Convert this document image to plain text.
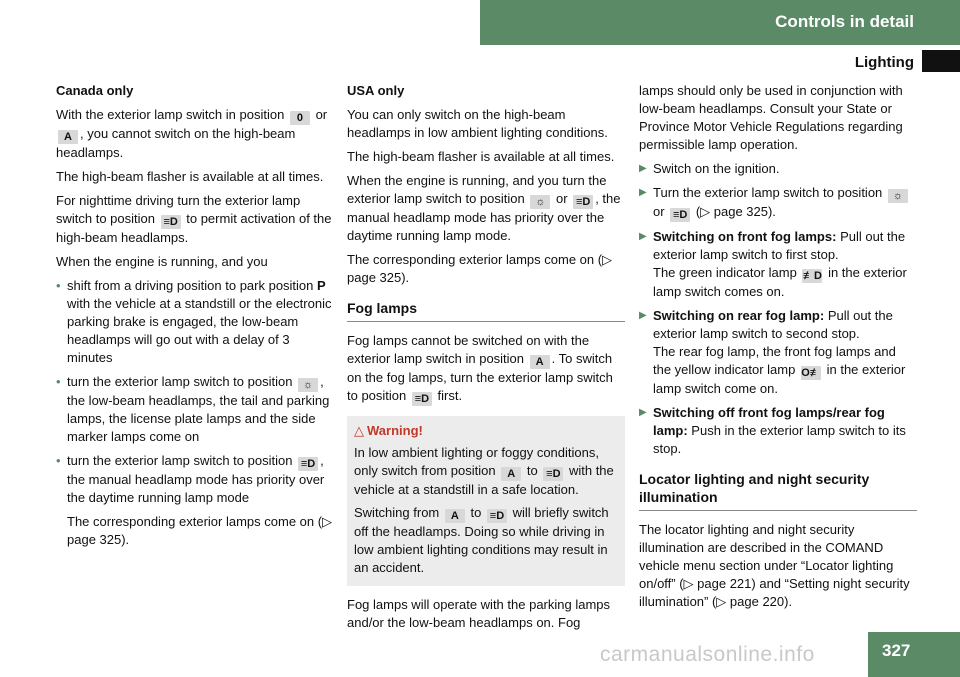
Controls in detail
Lighting

Canada only

With the exterior lamp switch in position 0 or A , you cannot switch on the high-beam headlamps.

The high-beam flasher is available at all times.

For nighttime driving turn the exterior lamp switch to position ≡D to permit activation of the high-beam headlamps.

When the engine is running, and you

• shift from a driving position to park position P with the vehicle at a standstill or the electronic parking brake is engaged, the low-beam headlamps will go out with a delay of 3 minutes
• turn the exterior lamp switch to position ☼ , the low-beam headlamps, the tail and parking lamps, the license plate lamps and the side marker lamps come on
• turn the exterior lamp switch to position ≡D , the manual headlamp mode has priority over the daytime running lamp mode

The corresponding exterior lamps come on (▷ page 325).

USA only

You can only switch on the high-beam headlamps in low ambient lighting conditions.

The high-beam flasher is available at all times.

When the engine is running, and you turn the exterior lamp switch to position ☼ or ≡D , the manual headlamp mode has priority over the daytime running lamp mode.

The corresponding exterior lamps come on (▷ page 325).

Fog lamps

Fog lamps cannot be switched on with the exterior lamp switch in position A . To switch on the fog lamps, turn the exterior lamp switch to position ≡D first.

△ Warning!

In low ambient lighting or foggy conditions, only switch from position A to ≡D with the vehicle at a standstill in a safe location.

Switching from A to ≡D will briefly switch off the headlamps. Doing so while driving in low ambient lighting conditions may result in an accident.

Fog lamps will operate with the parking lamps and/or the low-beam headlamps on. Fog

lamps should only be used in conjunction with low-beam headlamps. Consult your State or Province Motor Vehicle Regulations regarding permissible lamp operation.

▶ Switch on the ignition.
▶ Turn the exterior lamp switch to position ☼ or ≡D (▷ page 325).
▶ Switching on front fog lamps: Pull out the exterior lamp switch to first stop.
The green indicator lamp ≢D in the exterior lamp switch comes on.
▶ Switching on rear fog lamp: Pull out the exterior lamp switch to second stop.
The rear fog lamp, the front fog lamps and the yellow indicator lamp O≢ in the exterior lamp switch come on.
▶ Switching off front fog lamps/rear fog lamp: Push in the exterior lamp switch to its stop.
Locator lighting and night security illumination

The locator lighting and night security illumination are described in the COMAND vehicle menu section under “Locator lighting on/off” (▷ page 221) and “Setting night security illumination” (▷ page 220).

carmanualsonline.info	327
